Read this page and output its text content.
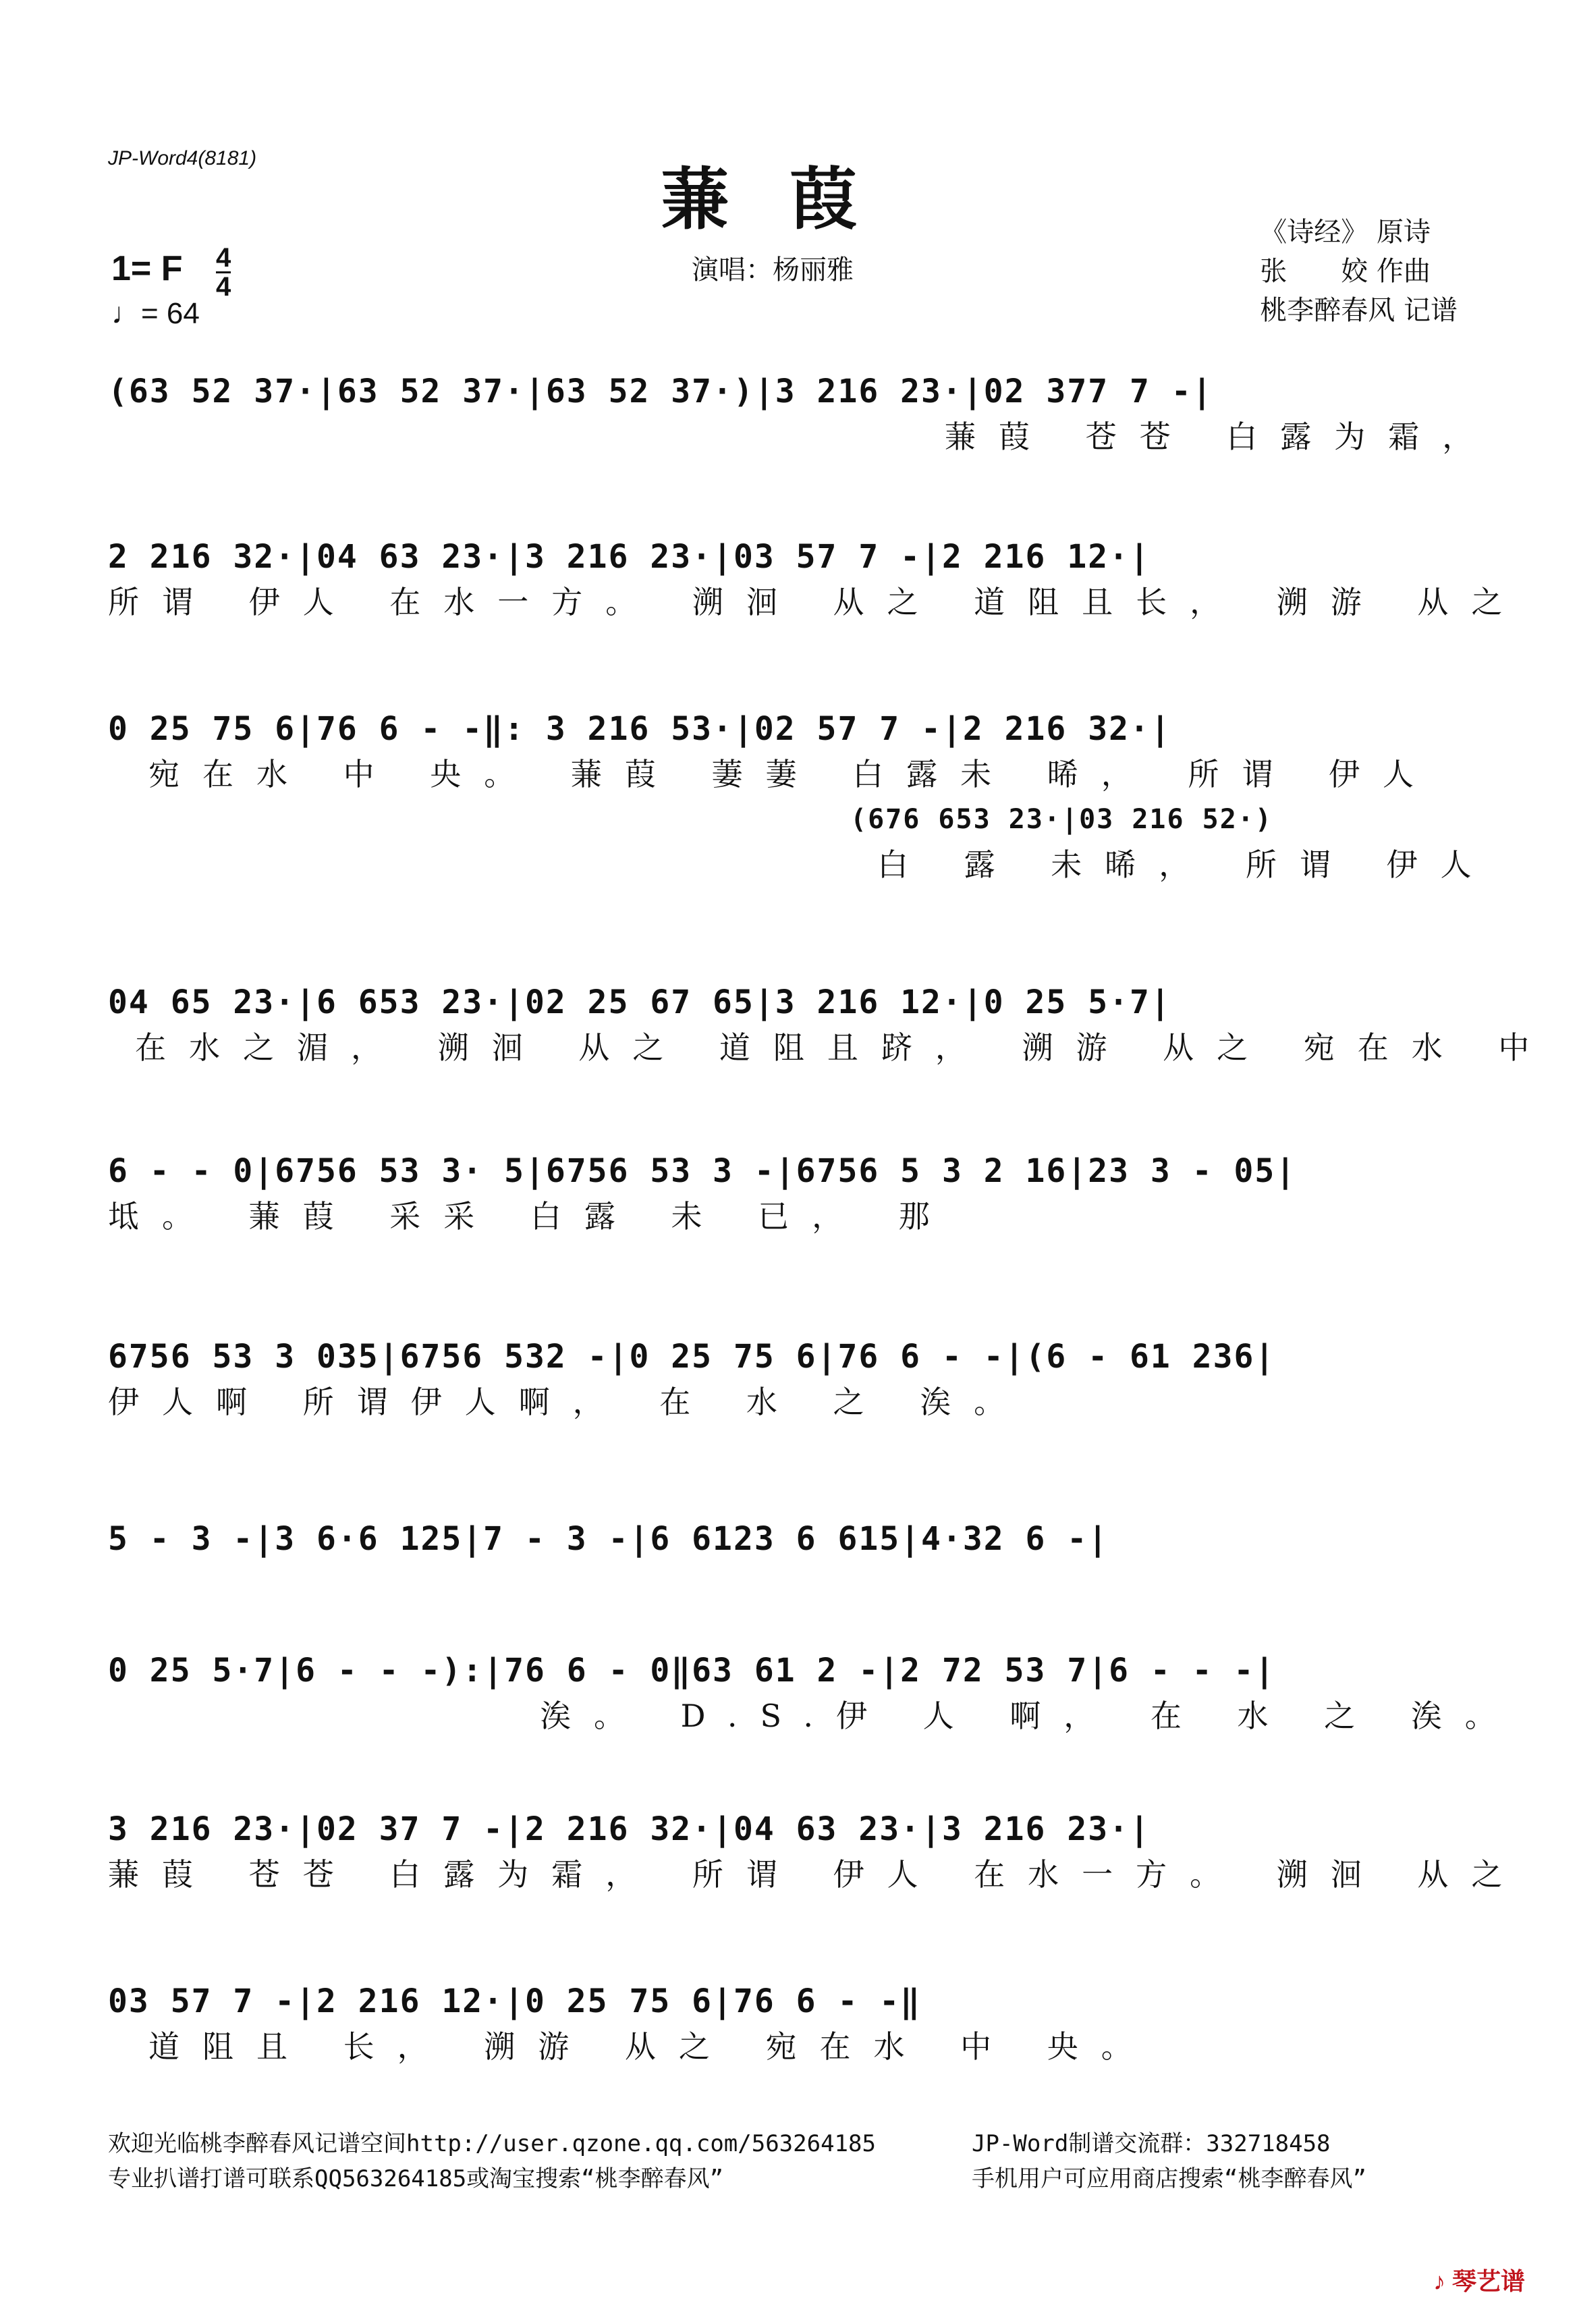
JP-Word4(8181)
蒹葭	《诗经》 原诗
张　　姣 作曲
桃李醉春风 记谱
演唱：杨丽雅
1= F 4
4
♩= 64
(63 52 37·|63 52 37·|63 52 37·)|3 216 23·|02 377 7 -|
蒹葭 苍苍 白露为霜，
2 216 32·|04 63 23·|3 216 23·|03 57 7 -|2 216 12·|
所谓 伊人 在水一方。 溯洄 从之 道阻且长， 溯游 从之
0 25 75 6|76 6 - -‖: 3 216 53·|02 57 7 -|2 216 32·|
宛在水 中 央。 蒹葭 萋萋 白露未 晞， 所谓 伊人
(676 653 23·|03 216 52·)
白 露 未晞， 所谓 伊人
04 65 23·|6 653 23·|02 25 67 65|3 216 12·|0 25 5·7|
在水之湄， 溯洄 从之 道阻且跻， 溯游 从之 宛在水 中
6 - - 0|6756 53 3· 5|6756 53 3 -|6756 5 3 2 16|23 3 - 05|
坻。 蒹葭 采采 白露 未 已， 那
6756 53 3 035|6756 532 -|0 25 75 6|76 6 - -|(6 - 61 236|
伊人啊 所谓伊人啊， 在 水 之 涘。
5 - 3 -|3 6·6 125|7 - 3 -|6 6123 6 615|4·32 6 -|
0 25 5·7|6 - - -):|76 6 - 0‖63 61 2 -|2 72 53 7|6 - - -|
涘。 D.S.伊 人 啊， 在 水 之 涘。
3 216 23·|02 37 7 -|2 216 32·|04 63 23·|3 216 23·|
蒹葭 苍苍 白露为霜， 所谓 伊人 在水一方。 溯洄 从之
03 57 7 -|2 216 12·|0 25 75 6|76 6 - -‖
道阻且 长， 溯游 从之 宛在水 中 央。
欢迎光临桃李醉春风记谱空间http://user.qzone.qq.com/563264185
专业扒谱打谱可联系QQ563264185或淘宝搜索“桃李醉春风”
JP-Word制谱交流群：332718458
手机用户可应用商店搜索“桃李醉春风”
♪ 琴艺谱
